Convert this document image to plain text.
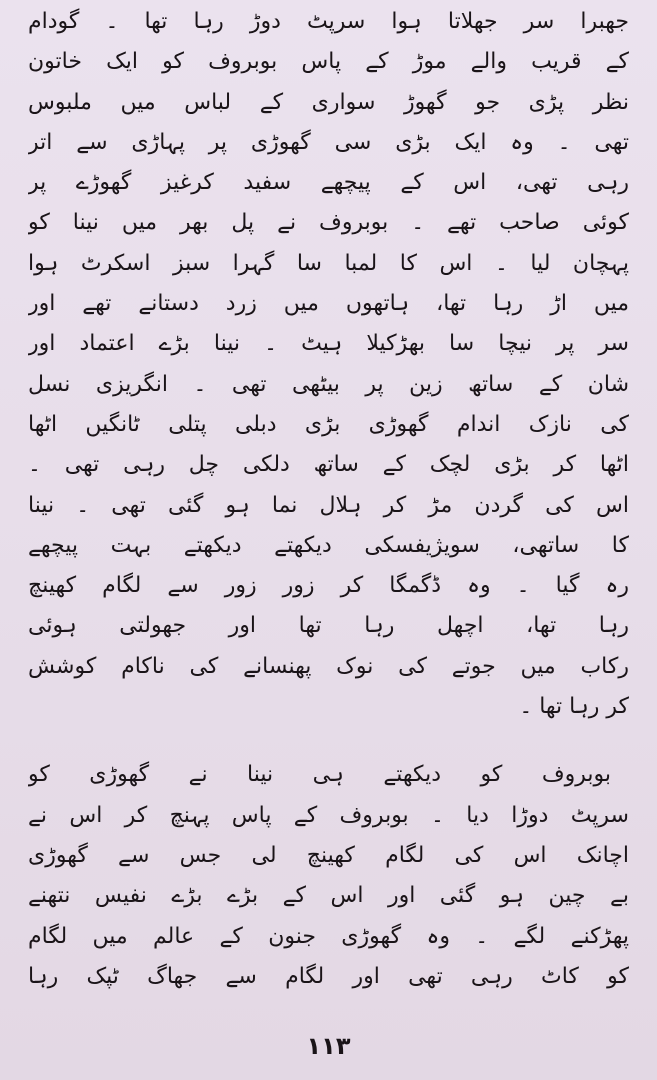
جھبرا سر جھلاتا ہوا سرپٹ دوڑ رہا تھا ۔ گودام
کے قریب والے موڑ کے پاس بوبروف کو ایک خاتون
نظر پڑی جو گھوڑ سواری کے لباس میں ملبوس
تھی ۔ وہ ایک بڑی سی گھوڑی پر پہاڑی سے اتر
رہی تھی، اس کے پیچھے سفید کرغیز گھوڑے پر
کوئی صاحب تھے ۔ بوبروف نے پل بھر میں نینا کو
پہچان لیا ۔ اس کا لمبا سا گہرا سبز اسکرٹ ہوا
میں اڑ رہا تھا، ہاتھوں میں زرد دستانے تھے اور
سر پر نیچا سا بھڑکیلا ہیٹ ۔ نینا بڑے اعتماد اور
شان کے ساتھ زین پر بیٹھی تھی ۔ انگریزی نسل
کی نازک اندام گھوڑی بڑی دبلی پتلی ٹانگیں اٹھا
اٹھا کر بڑی لچک کے ساتھ دلکی چل رہی تھی ۔
اس کی گردن مڑ کر ہلال نما ہو گئی تھی ۔ نینا
کا ساتھی، سویژیفسکی دیکھتے دیکھتے بہت پیچھے
رہ گیا ۔ وہ ڈگمگا کر زور زور سے لگام کھینچ
رہا تھا، اچھل رہا تھا اور جھولتی ہوئی
رکاب میں جوتے کی نوک پھنسانے کی ناکام کوشش
کر رہا تھا ۔
بوبروف کو دیکھتے ہی نینا نے گھوڑی کو
سرپٹ دوڑا دیا ۔ بوبروف کے پاس پہنچ کر اس نے
اچانک اس کی لگام کھینچ لی جس سے گھوڑی
بے چین ہو گئی اور اس کے بڑے بڑے نفیس نتھنے
پھڑکنے لگے ۔ وہ گھوڑی جنون کے عالم میں لگام
کو کاٹ رہی تھی اور لگام سے جھاگ ٹپک رہا
١١٣
